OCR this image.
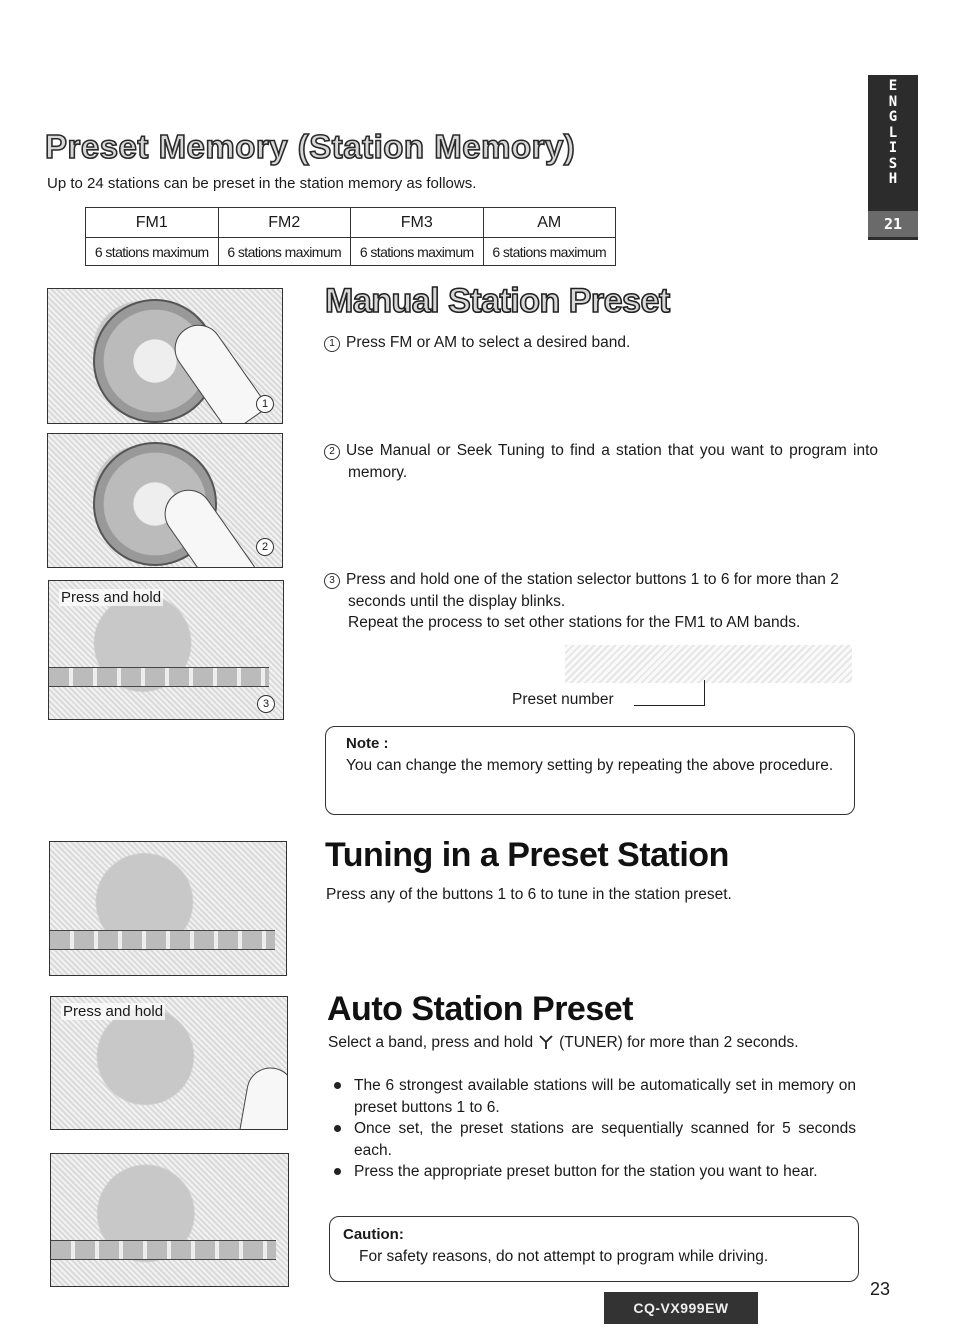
E
N
G
L
I
S
H
21
Preset Memory (Station Memory)
Up to 24 stations can be preset in the station memory as follows.
FM1	FM2	FM3	AM
6 stations maximum	6 stations maximum	6 stations maximum	6 stations maximum
1
2
Press and hold
3
Manual Station Preset
1 Press FM or AM to select a desired band.
2 Use Manual or Seek Tuning to find a station that you want to program into memory.
3 Press and hold one of the station selector buttons 1 to 6 for more than 2 seconds until the display blinks.
Repeat the process to set other stations for the FM1 to AM bands.
Preset number
Note :
You can change the memory setting by repeating the above procedure.
Tuning in a Preset Station
Press any of the buttons 1 to 6 to tune in the station preset.
Press and hold	Auto Station Preset
Select a band, press and hold (TUNER) for more than 2 seconds.
The 6 strongest available stations will be automatically set in memory on preset buttons 1 to 6.
Once set, the preset stations are sequentially scanned for 5 seconds each.
Press the appropriate preset button for the station you want to hear.
Caution:
For safety reasons, do not attempt to program while driving.
23
CQ-VX999EW
